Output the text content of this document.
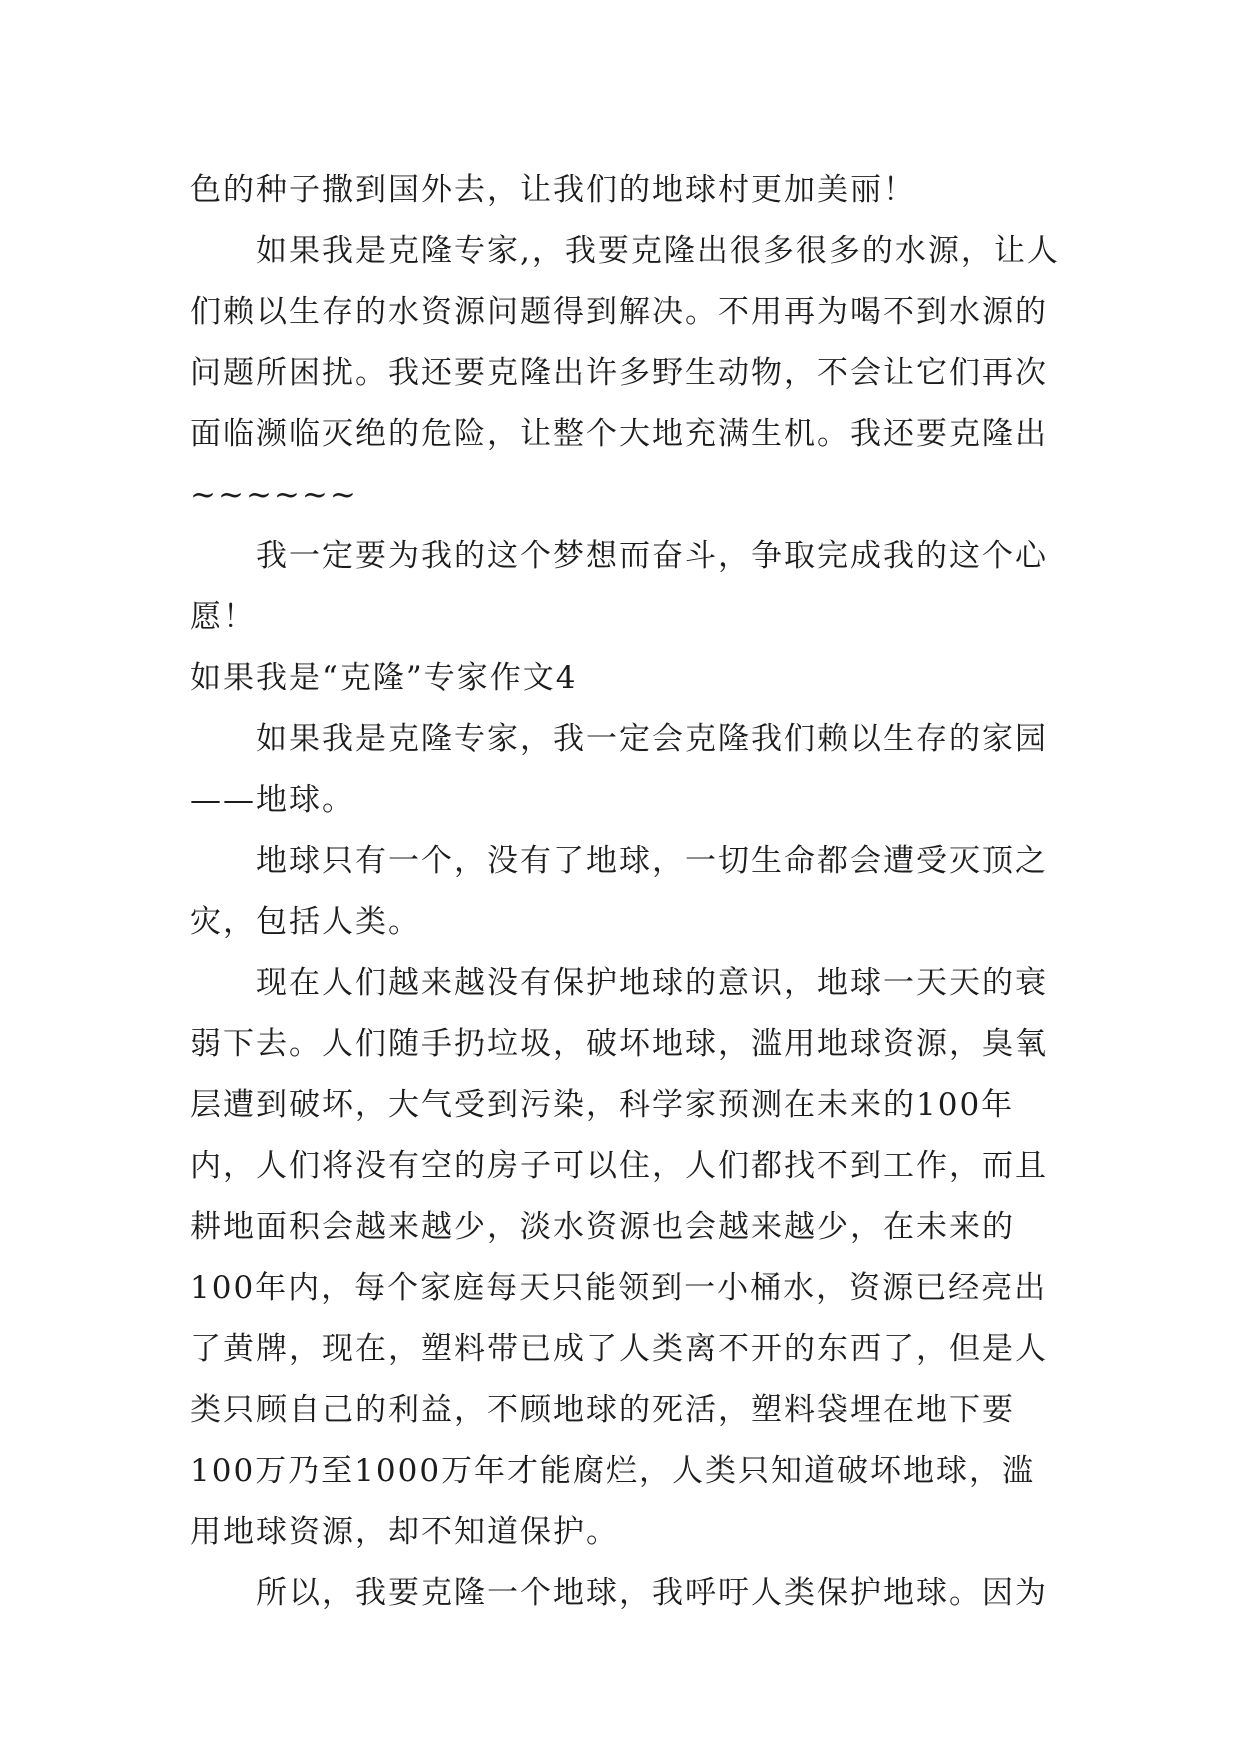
色的种子撒到国外去，让我们的地球村更加美丽！

如果我是克隆专家,，我要克隆出很多很多的水源，让人们赖以生存的水资源问题得到解决。不用再为喝不到水源的问题所困扰。我还要克隆出许多野生动物，不会让它们再次面临濒临灭绝的危险，让整个大地充满生机。我还要克隆出~~~~~~

我一定要为我的这个梦想而奋斗，争取完成我的这个心愿！

如果我是“克隆”专家作文4

如果我是克隆专家，我一定会克隆我们赖以生存的家园——地球。

地球只有一个，没有了地球，一切生命都会遭受灭顶之灾，包括人类。

现在人们越来越没有保护地球的意识，地球一天天的衰弱下去。人们随手扔垃圾，破坏地球，滥用地球资源，臭氧层遭到破坏，大气受到污染，科学家预测在未来的100年内，人们将没有空的房子可以住，人们都找不到工作，而且耕地面积会越来越少，淡水资源也会越来越少，在未来的100年内，每个家庭每天只能领到一小桶水，资源已经亮出了黄牌，现在，塑料带已成了人类离不开的东西了，但是人类只顾自己的利益，不顾地球的死活，塑料袋埋在地下要100万乃至1000万年才能腐烂，人类只知道破坏地球，滥用地球资源，却不知道保护。

所以，我要克隆一个地球，我呼吁人类保护地球。因为
